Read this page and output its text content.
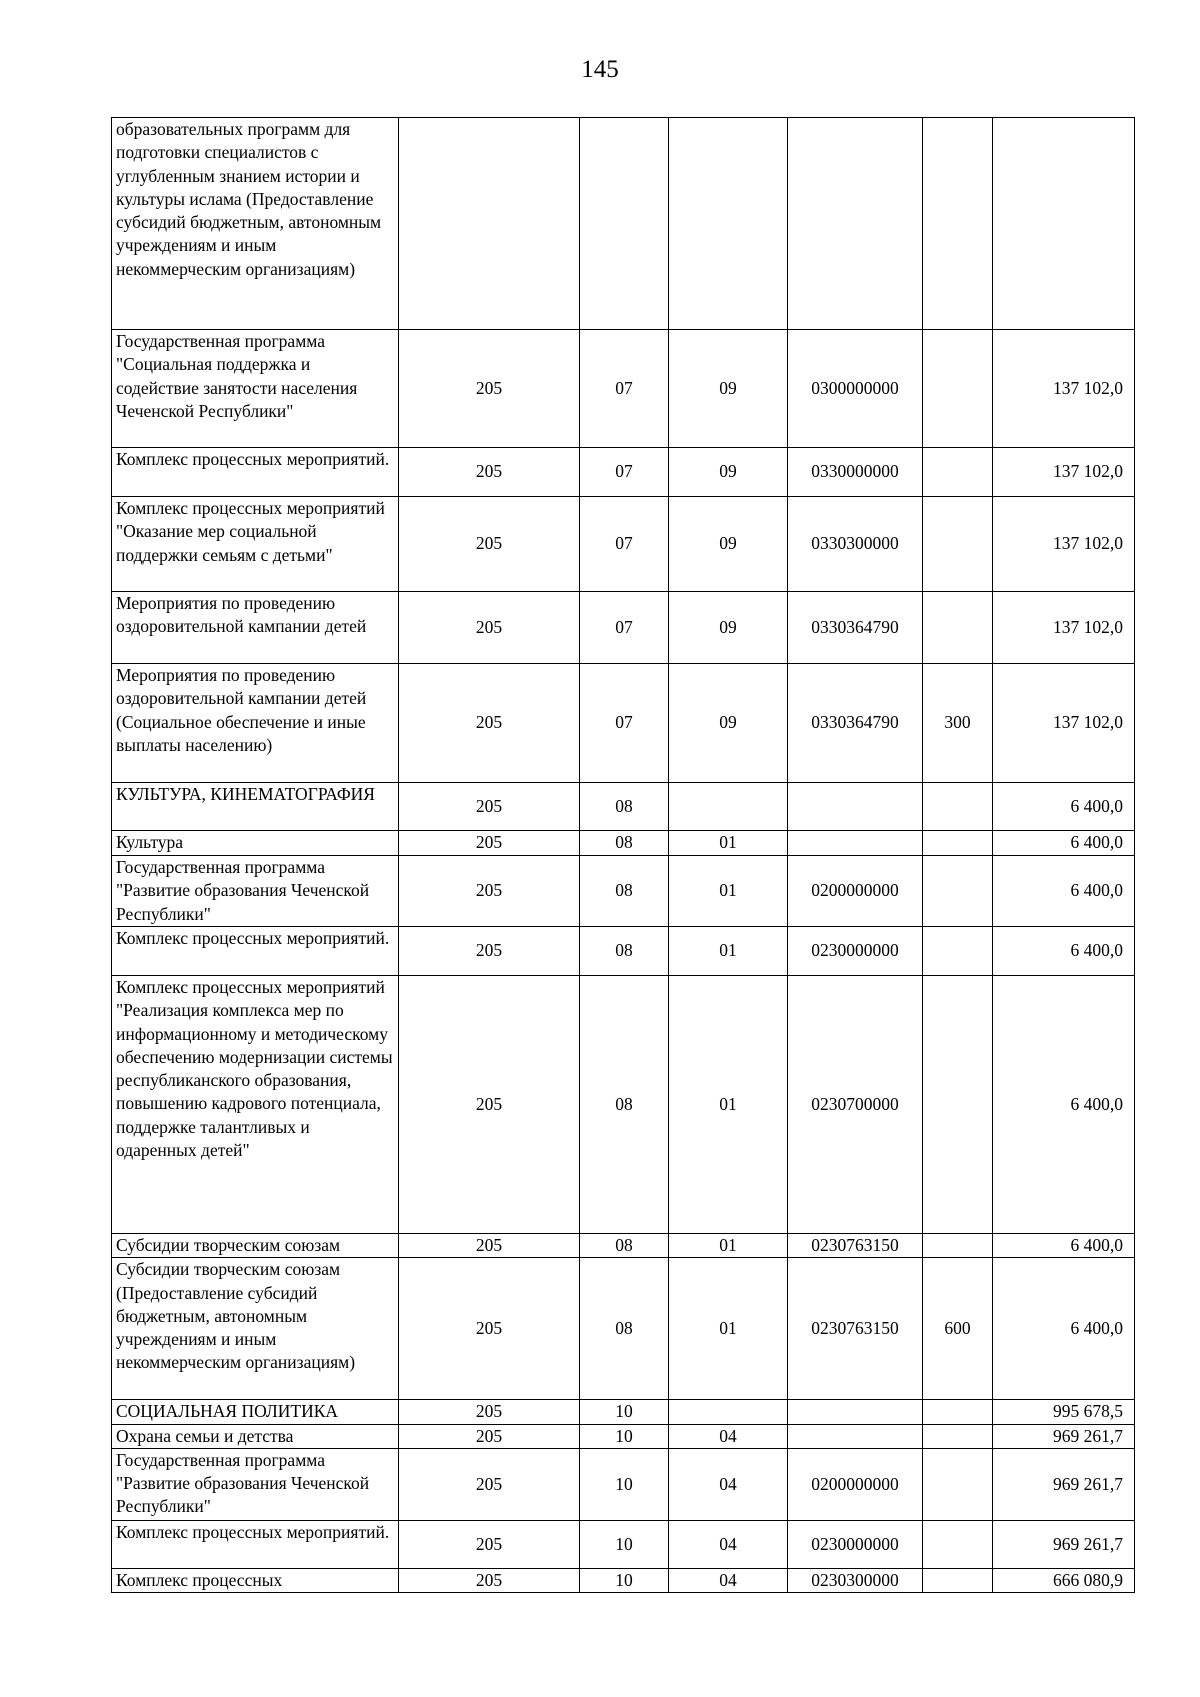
145
образовательных программ для подготовки специалистов с углубленным знанием истории и культуры ислама (Предоставление субсидий бюджетным, автономным учреждениям и иным некоммерческим организациям)						
Государственная программа "Социальная поддержка и содействие занятости населения Чеченской Республики"	205	07	09	0300000000		137 102,0
Комплекс процессных мероприятий.	205	07	09	0330000000		137 102,0
Комплекс процессных мероприятий "Оказание мер социальной поддержки семьям с детьми"	205	07	09	0330300000		137 102,0
Мероприятия по проведению оздоровительной кампании детей	205	07	09	0330364790		137 102,0
Мероприятия по проведению оздоровительной кампании детей (Социальное обеспечение и иные выплаты населению)	205	07	09	0330364790	300	137 102,0
КУЛЬТУРА, КИНЕМАТОГРАФИЯ	205	08				6 400,0
Культура	205	08	01			6 400,0
Государственная программа "Развитие образования Чеченской Республики"	205	08	01	0200000000		6 400,0
Комплекс процессных мероприятий.	205	08	01	0230000000		6 400,0
Комплекс процессных мероприятий "Реализация комплекса мер по информационному и методическому обеспечению модернизации системы республиканского образования, повышению кадрового потенциала, поддержке талантливых и одаренных детей"	205	08	01	0230700000		6 400,0
Субсидии творческим союзам	205	08	01	0230763150		6 400,0
Субсидии творческим союзам (Предоставление субсидий бюджетным, автономным учреждениям и иным некоммерческим организациям)	205	08	01	0230763150	600	6 400,0
СОЦИАЛЬНАЯ ПОЛИТИКА	205	10				995 678,5
Охрана семьи и детства	205	10	04			969 261,7
Государственная программа "Развитие образования Чеченской Республики"	205	10	04	0200000000		969 261,7
Комплекс процессных мероприятий.	205	10	04	0230000000		969 261,7
Комплекс процессных	205	10	04	0230300000		666 080,9
